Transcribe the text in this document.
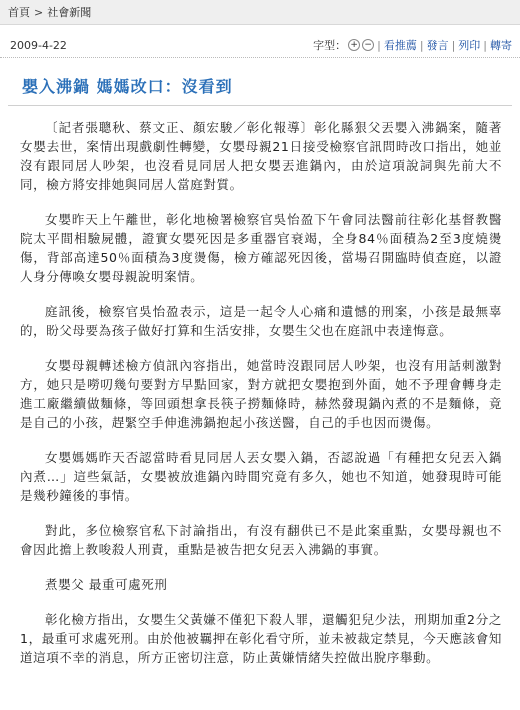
首頁 > 社會新聞
2009-4-22	字型： + − | 看推薦 | 發言 | 列印 | 轉寄
嬰入沸鍋 媽媽改口：沒看到

〔記者張聰秋、蔡文正、顏宏駿／彰化報導〕彰化縣狠父丟嬰入沸鍋案，隨著女嬰去世，案情出現戲劇性轉變，女嬰母親21日接受檢察官訊問時改口指出，她並沒有跟同居人吵架，也沒看見同居人把女嬰丟進鍋內，由於這項說詞與先前大不同，檢方將安排她與同居人當庭對質。

女嬰昨天上午離世，彰化地檢署檢察官吳怡盈下午會同法醫前往彰化基督教醫院太平間相驗屍體，證實女嬰死因是多重器官衰竭，全身84％面積為2至3度燒燙傷，背部高達50％面積為3度燙傷，檢方確認死因後，當場召開臨時偵查庭，以證人身分傳喚女嬰母親說明案情。

庭訊後，檢察官吳怡盈表示，這是一起令人心痛和遺憾的刑案，小孩是最無辜的，盼父母要為孩子做好打算和生活安排，女嬰生父也在庭訊中表達悔意。

女嬰母親轉述檢方偵訊內容指出，她當時沒跟同居人吵架，也沒有用話刺激對方，她只是嘮叨幾句要對方早點回家，對方就把女嬰抱到外面，她不予理會轉身走進工廠繼續做麵條，等回頭想拿長筷子撈麵條時，赫然發現鍋內煮的不是麵條，竟是自己的小孩，趕緊空手伸進沸鍋抱起小孩送醫，自己的手也因而燙傷。

女嬰媽媽昨天否認當時看見同居人丟女嬰入鍋，否認說過「有種把女兒丟入鍋內煮…」這些氣話，女嬰被放進鍋內時間究竟有多久，她也不知道，她發現時可能是幾秒鐘後的事情。

對此，多位檢察官私下討論指出，有沒有翻供已不是此案重點，女嬰母親也不會因此擔上教唆殺人刑責，重點是被告把女兒丟入沸鍋的事實。

煮嬰父 最重可處死刑

彰化檢方指出，女嬰生父黃嫌不僅犯下殺人罪，還觸犯兒少法，刑期加重2分之1，最重可求處死刑。由於他被羈押在彰化看守所，並未被裁定禁見，今天應該會知道這項不幸的消息，所方正密切注意，防止黃嫌情緒失控做出脫序舉動。
